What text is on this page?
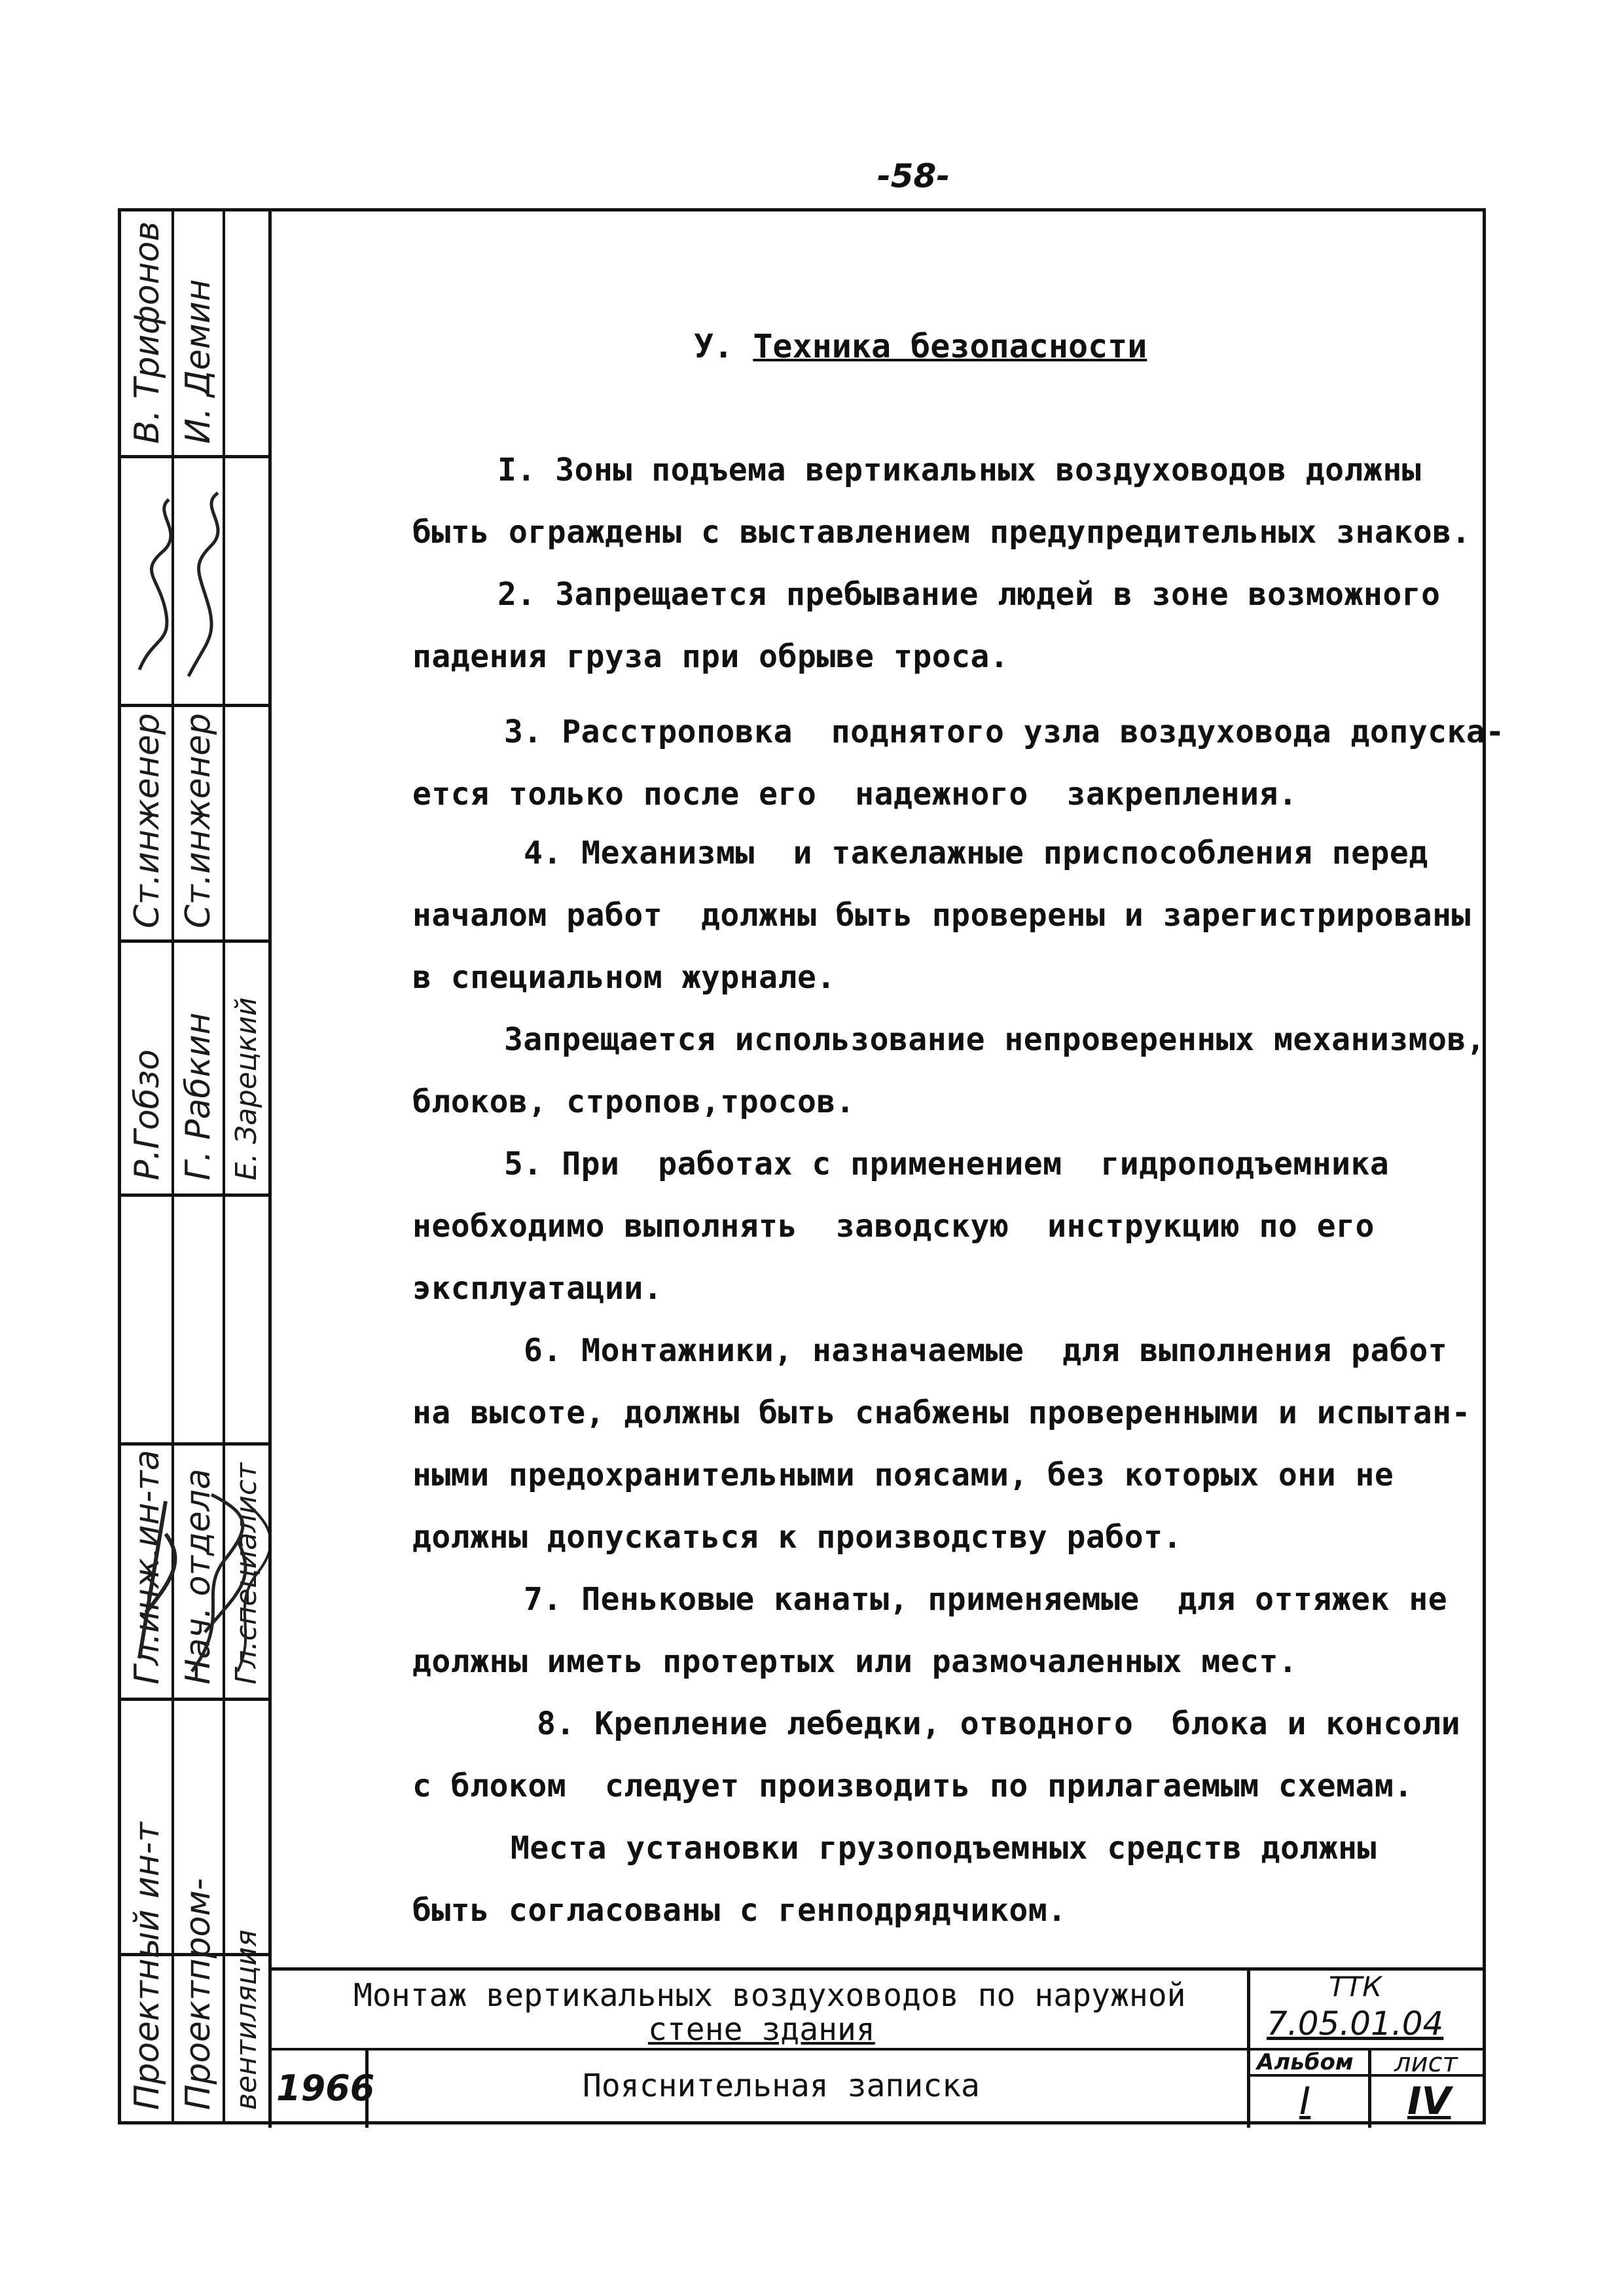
-58-
В. Трифонов
Ст.инженер
Р.Гобзо
Гл.инж.ин-та
Проектный ин-т
И. Демин
Ст.инженер
Г. Рабкин
Нач. отдела
Проектпром-
Е. Зарецкий
Гл.специалист
вентиляция
У. Техника безопасности
I. Зоны подъема вертикальных воздуховодов должны
быть ограждены с выставлением предупредительных знаков.
2. Запрещается пребывание людей в зоне возможного
падения груза при обрыве троса.
3. Расстроповка  поднятого узла воздуховода допуска-
ется только после его  надежного  закрепления.
4. Механизмы  и такелажные приспособления перед
началом работ  должны быть проверены и зарегистрированы
в специальном журнале.
Запрещается использование непроверенных механизмов,
блоков, стропов,тросов.
5. При  работах с применением  гидроподъемника
необходимо выполнять  заводскую  инструкцию по его
эксплуатации.
6. Монтажники, назначаемые  для выполнения работ
на высоте, должны быть снабжены проверенными и испытан-
ными предохранительными поясами, без которых они не
должны допускаться к производству работ.
7. Пеньковые канаты, применяемые  для оттяжек не
должны иметь протертых или размочаленных мест.
8. Крепление лебедки, отводного  блока и консоли
с блоком  следует производить по прилагаемым схемам.
Места установки грузоподъемных средств должны
быть согласованы с генподрядчиком.
Монтаж вертикальных воздуховодов по наружной
стене здания
Пояснительная записка
1966
ТТК
7.05.01.04
Альбом
I
лист
IV
